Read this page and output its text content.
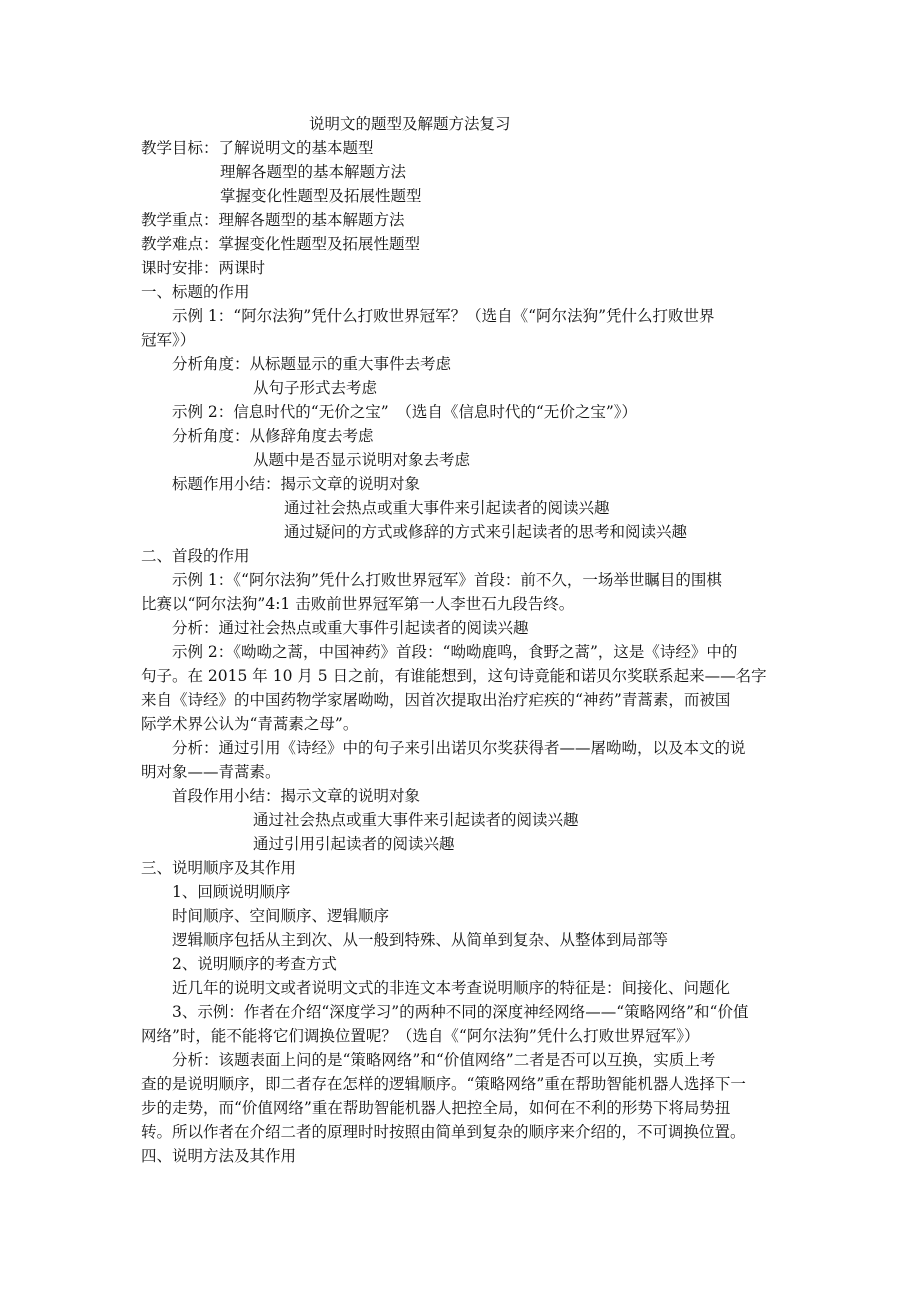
说明文的题型及解题方法复习
教学目标：了解说明文的基本题型
理解各题型的基本解题方法
掌握变化性题型及拓展性题型
教学重点：理解各题型的基本解题方法
教学难点：掌握变化性题型及拓展性题型
课时安排：两课时
一、标题的作用
示例 1：“阿尔法狗”凭什么打败世界冠军？（选自《“阿尔法狗”凭什么打败世界
冠军》）
分析角度：从标题显示的重大事件去考虑
从句子形式去考虑
示例 2：信息时代的“无价之宝”　（选自《信息时代的“无价之宝”》）
分析角度：从修辞角度去考虑
从题中是否显示说明对象去考虑
标题作用小结：揭示文章的说明对象
通过社会热点或重大事件来引起读者的阅读兴趣
通过疑问的方式或修辞的方式来引起读者的思考和阅读兴趣
二、首段的作用
示例 1：《“阿尔法狗”凭什么打败世界冠军》首段：前不久，一场举世瞩目的围棋
比赛以“阿尔法狗”4:1 击败前世界冠军第一人李世石九段告终。
分析：通过社会热点或重大事件引起读者的阅读兴趣
示例 2：《呦呦之蒿，中国神药》首段：“呦呦鹿鸣，食野之蒿”，这是《诗经》中的
句子。在 2015 年 10 月 5 日之前，有谁能想到，这句诗竟能和诺贝尔奖联系起来——名字
来自《诗经》的中国药物学家屠呦呦，因首次提取出治疗疟疾的“神药”青蒿素，而被国
际学术界公认为“青蒿素之母”。
分析：通过引用《诗经》中的句子来引出诺贝尔奖获得者——屠呦呦，以及本文的说
明对象——青蒿素。
首段作用小结：揭示文章的说明对象
通过社会热点或重大事件来引起读者的阅读兴趣
通过引用引起读者的阅读兴趣
三、说明顺序及其作用
1、回顾说明顺序
时间顺序、空间顺序、逻辑顺序
逻辑顺序包括从主到次、从一般到特殊、从简单到复杂、从整体到局部等
2、说明顺序的考查方式
近几年的说明文或者说明文式的非连文本考查说明顺序的特征是：间接化、问题化
3、示例：作者在介绍“深度学习”的两种不同的深度神经网络——“策略网络”和“价值
网络”时，能不能将它们调换位置呢？（选自《“阿尔法狗”凭什么打败世界冠军》）
分析：该题表面上问的是“策略网络”和“价值网络”二者是否可以互换，实质上考
查的是说明顺序，即二者存在怎样的逻辑顺序。“策略网络”重在帮助智能机器人选择下一
步的走势，而“价值网络”重在帮助智能机器人把控全局，如何在不利的形势下将局势扭
转。所以作者在介绍二者的原理时时按照由简单到复杂的顺序来介绍的，不可调换位置。
四、说明方法及其作用
